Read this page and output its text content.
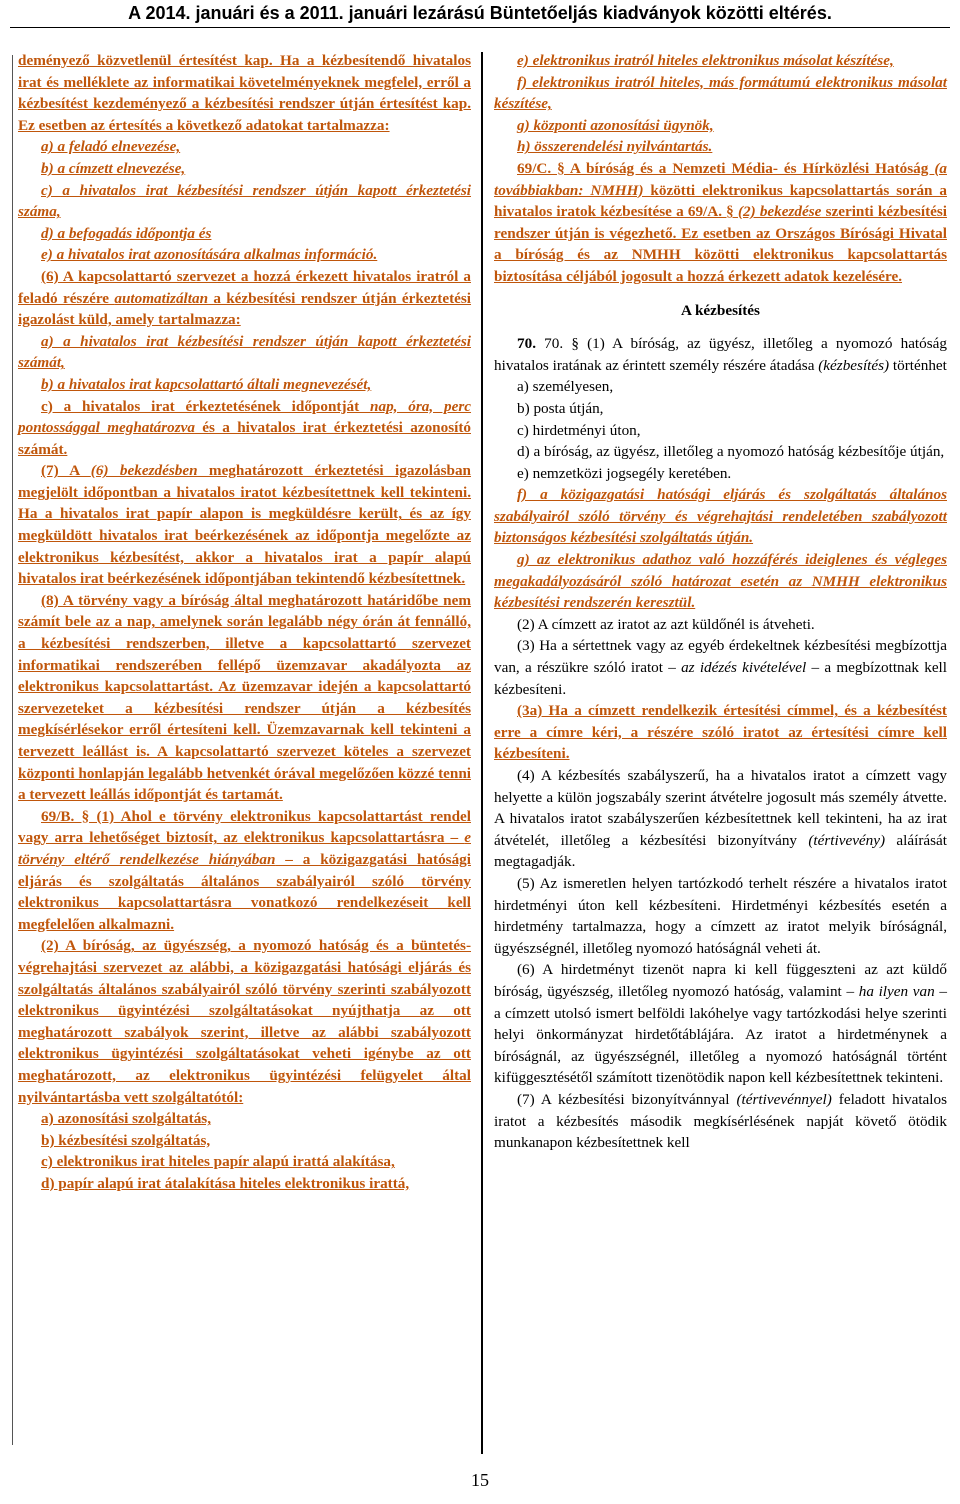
A 2014. januári és a 2011. januári lezárású Büntetőeljás kiadványok közötti eltérés.

deményező közvetlenül értesítést kap. Ha a kézbesítendő hivatalos irat és melléklete az informatikai követelményeknek megfelel, erről a kézbesítést kezdeményező a kézbesítési rendszer útján értesítést kap. Ez esetben az értesítés a következő adatokat tartalmazza:

a) a feladó elnevezése,

b) a címzett elnevezése,

c) a hivatalos irat kézbesítési rendszer útján kapott érkeztetési száma,

d) a befogadás időpontja és

e) a hivatalos irat azonosítására alkalmas információ.

(6) A kapcsolattartó szervezet a hozzá érkezett hivatalos iratról a feladó részére automatizáltan a kézbesítési rendszer útján érkeztetési igazolást küld, amely tartalmazza:

a) a hivatalos irat kézbesítési rendszer útján kapott érkeztetési számát,

b) a hivatalos irat kapcsolattartó általi megnevezését,

c) a hivatalos irat érkeztetésének időpontját nap, óra, perc pontossággal meghatározva és a hivatalos irat érkeztetési azonosító számát.

(7) A (6) bekezdésben meghatározott érkeztetési igazolásban megjelölt időpontban a hivatalos iratot kézbesítettnek kell tekinteni. Ha a hivatalos irat papír alapon is megküldésre került, és az így megküldött hivatalos irat beérkezésének az időpontja megelőzte az elektronikus kézbesítést, akkor a hivatalos irat a papír alapú hivatalos irat beérkezésének időpontjában tekintendő kézbesítettnek.

(8) A törvény vagy a bíróság által meghatározott határidőbe nem számít bele az a nap, amelynek során legalább négy órán át fennálló, a kézbesítési rendszerben, illetve a kapcsolattartó szervezet informatikai rendszerében fellépő üzemzavar akadályozta az elektronikus kapcsolattartást. Az üzemzavar idején a kapcsolattartó szervezeteket a kézbesítési rendszer útján a kézbesítés megkísérlésekor erről értesíteni kell. Üzemzavarnak kell tekinteni a tervezett leállást is. A kapcsolattartó szervezet köteles a szervezet központi honlapján legalább hetvenkét órával megelőzően közzé tenni a tervezett leállás időpontját és tartamát.

69/B. § (1) Ahol e törvény elektronikus kapcsolattartást rendel vagy arra lehetőséget biztosít, az elektronikus kapcsolattartásra – e törvény eltérő rendelkezése hiányában – a közigazgatási hatósági eljárás és szolgáltatás általános szabályairól szóló törvény elektronikus kapcsolattartásra vonatkozó rendelkezéseit kell megfelelően alkalmazni.

(2) A bíróság, az ügyészség, a nyomozó hatóság és a büntetés-végrehajtási szervezet az alábbi, a közigazgatási hatósági eljárás és szolgáltatás általános szabályairól szóló törvény szerinti szabályozott elektronikus ügyintézési szolgáltatásokat nyújthatja az ott meghatározott szabályok szerint, illetve az alábbi szabályozott elektronikus ügyintézési szolgáltatásokat veheti igénybe az ott meghatározott, az elektronikus ügyintézési felügyelet által nyilvántartásba vett szolgáltatótól:

a) azonosítási szolgáltatás,

b) kézbesítési szolgáltatás,

c) elektronikus irat hiteles papír alapú irattá alakítása,

d) papír alapú irat átalakítása hiteles elektronikus irattá,

e) elektronikus iratról hiteles elektronikus másolat készítése,

f) elektronikus iratról hiteles, más formátumú elektronikus másolat készítése,

g) központi azonosítási ügynök,

h) összerendelési nyilvántartás.

69/C. § A bíróság és a Nemzeti Média- és Hírközlési Hatóság (a továbbiakban: NMHH) közötti elektronikus kapcsolattartás során a hivatalos iratok kézbesítése a 69/A. § (2) bekezdése szerinti kézbesítési rendszer útján is végezhető. Ez esetben az Országos Bírósági Hivatal a bíróság és az NMHH közötti elektronikus kapcsolattartás biztosítása céljából jogosult a hozzá érkezett adatok kezelésére.

A kézbesítés

70. 70. § (1) A bíróság, az ügyész, illetőleg a nyomozó hatóság hivatalos iratának az érintett személy részére átadása (kézbesítés) történhet

a) személyesen,

b) posta útján,

c) hirdetményi úton,

d) a bíróság, az ügyész, illetőleg a nyomozó hatóság kézbesítője útján,

e) nemzetközi jogsegély keretében.

f) a közigazgatási hatósági eljárás és szolgáltatás általános szabályairól szóló törvény és végrehajtási rendeletében szabályozott biztonságos kézbesítési szolgáltatás útján.

g) az elektronikus adathoz való hozzáférés ideiglenes és végleges megakadályozásáról szóló határozat esetén az NMHH elektronikus kézbesítési rendszerén keresztül.

(2) A címzett az iratot az azt küldőnél is átveheti.

(3) Ha a sértettnek vagy az egyéb érdekeltnek kézbesítési megbízottja van, a részükre szóló iratot – az idézés kivételével – a megbízottnak kell kézbesíteni.

(3a) Ha a címzett rendelkezik értesítési címmel, és a kézbesítést erre a címre kéri, a részére szóló iratot az értesítési címre kell kézbesíteni.

(4) A kézbesítés szabályszerű, ha a hivatalos iratot a címzett vagy helyette a külön jogszabály szerint átvételre jogosult más személy átvette. A hivatalos iratot szabályszerűen kézbesítettnek kell tekinteni, ha az irat átvételét, illetőleg a kézbesítési bizonyítvány (tértivevény) aláírását megtagadják.

(5) Az ismeretlen helyen tartózkodó terhelt részére a hivatalos iratot hirdetményi úton kell kézbesíteni. Hirdetményi kézbesítés esetén a hirdetmény tartalmazza, hogy a címzett az iratot melyik bíróságnál, ügyészségnél, illetőleg nyomozó hatóságnál veheti át.

(6) A hirdetményt tizenöt napra ki kell függeszteni az azt küldő bíróság, ügyészség, illetőleg nyomozó hatóság, valamint – ha ilyen van – a címzett utolsó ismert belföldi lakóhelye vagy tartózkodási helye szerinti helyi önkormányzat hirdetőtáblájára. Az iratot a hirdetménynek a bíróságnál, az ügyészségnél, illetőleg a nyomozó hatóságnál történt kifüggesztésétől számított tizenötödik napon kell kézbesítettnek tekinteni.

(7) A kézbesítési bizonyítvánnyal (tértivevénnyel) feladott hivatalos iratot a kézbesítés második megkísérlésének napját követő ötödik munkanapon kézbesítettnek kell

15
